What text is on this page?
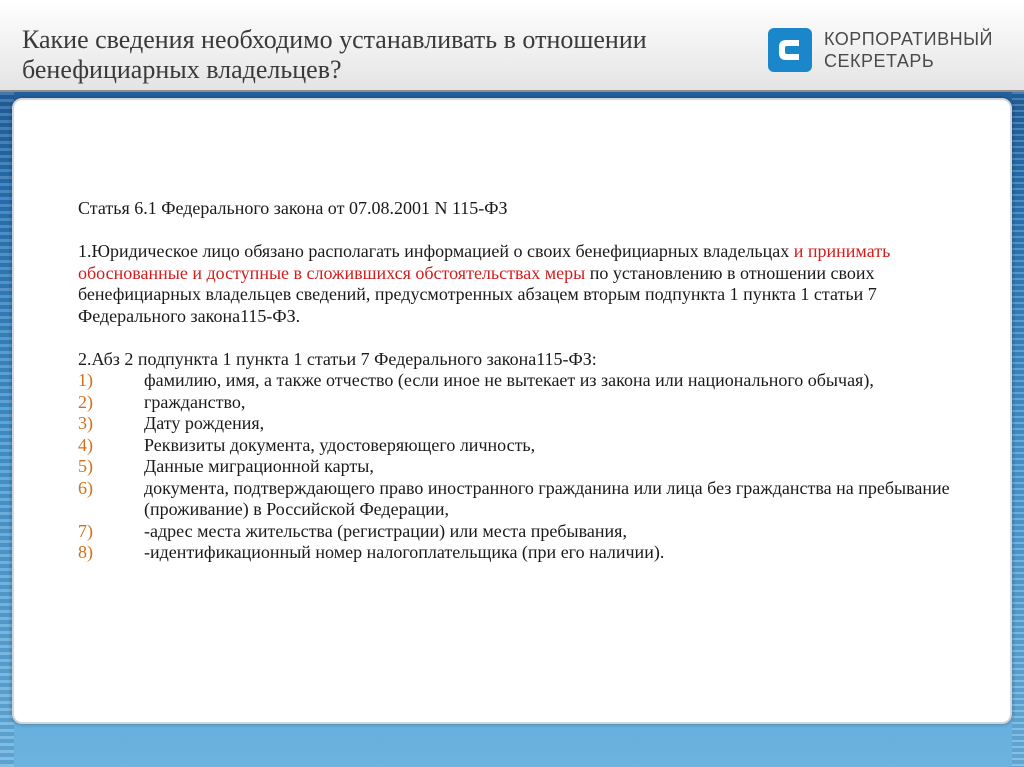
Какие сведения необходимо устанавливать в отношении бенефициарных владельцев?
КОРПОРАТИВНЫЙ
СЕКРЕТАРЬ

Статья 6.1 Федерального закона от 07.08.2001 N 115-ФЗ

1.Юридическое лицо обязано располагать информацией о своих бенефициарных владельцах и принимать обоснованные и доступные в сложившихся обстоятельствах меры по установлению в отношении своих бенефициарных владельцев сведений, предусмотренных абзацем вторым подпункта 1 пункта 1 статьи 7 Федерального закона115-ФЗ.

2.Абз 2 подпункта 1 пункта 1 статьи 7 Федерального закона115-ФЗ:

1)	фамилию, имя, а также отчество (если иное не вытекает из закона или национального обычая),
2)	гражданство,
3)	Дату рождения,
4)	Реквизиты документа, удостоверяющего личность,
5)	Данные миграционной карты,
6)	документа, подтверждающего право иностранного гражданина или лица без гражданства на пребывание (проживание) в Российской Федерации,
7)	-адрес места жительства (регистрации) или места пребывания,
8)	-идентификационный номер налогоплательщика (при его наличии).
